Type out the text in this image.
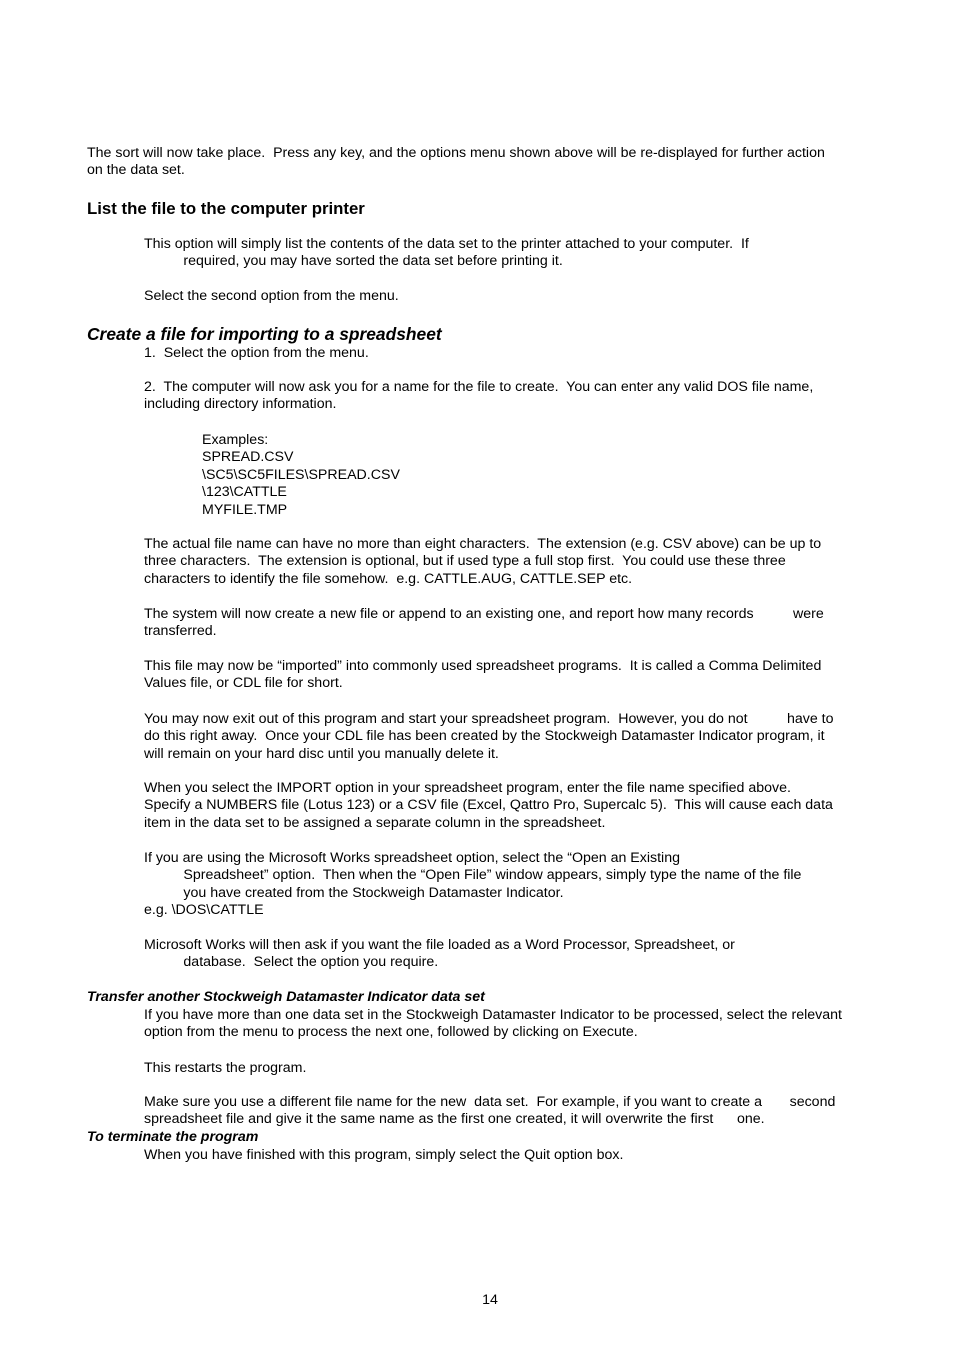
The sort will now take place.  Press any key, and the options menu shown above will be re-displayed for further action
on the data set.

List the file to the computer printer

This option will simply list the contents of the data set to the printer attached to your computer.  If
required, you may have sorted the data set before printing it.

Select the second option from the menu.

Create a file for importing to a spreadsheet

1.  Select the option from the menu.

2.  The computer will now ask you for a name for the file to create.  You can enter any valid DOS file name,
including directory information.

Examples:
SPREAD.CSV
\SC5\SC5FILES\SPREAD.CSV
\123\CATTLE
MYFILE.TMP

The actual file name can have no more than eight characters.  The extension (e.g. CSV above) can be up to
three characters.  The extension is optional, but if used type a full stop first.  You could use these three
characters to identify the file somehow.  e.g. CATTLE.AUG, CATTLE.SEP etc.

The system will now create a new file or append to an existing one, and report how many records          were
transferred.

This file may now be “imported” into commonly used spreadsheet programs.  It is called a Comma Delimited
Values file, or CDL file for short.

You may now exit out of this program and start your spreadsheet program.  However, you do not          have to
do this right away.  Once your CDL file has been created by the Stockweigh Datamaster Indicator program, it
will remain on your hard disc until you manually delete it.

When you select the IMPORT option in your spreadsheet program, enter the file name specified above.
Specify a NUMBERS file (Lotus 123) or a CSV file (Excel, Qattro Pro, Supercalc 5).  This will cause each data
item in the data set to be assigned a separate column in the spreadsheet.

If you are using the Microsoft Works spreadsheet option, select the “Open an Existing
Spreadsheet” option.  Then when the “Open File” window appears, simply type the name of the file
you have created from the Stockweigh Datamaster Indicator.
e.g. \DOS\CATTLE

Microsoft Works will then ask if you want the file loaded as a Word Processor, Spreadsheet, or
database.  Select the option you require.

Transfer another Stockweigh Datamaster Indicator data set

If you have more than one data set in the Stockweigh Datamaster Indicator to be processed, select the relevant
option from the menu to process the next one, followed by clicking on Execute.

This restarts the program.

Make sure you use a different file name for the new  data set.  For example, if you want to create a       second
spreadsheet file and give it the same name as the first one created, it will overwrite the first      one.

To terminate the program

When you have finished with this program, simply select the Quit option box.

14
